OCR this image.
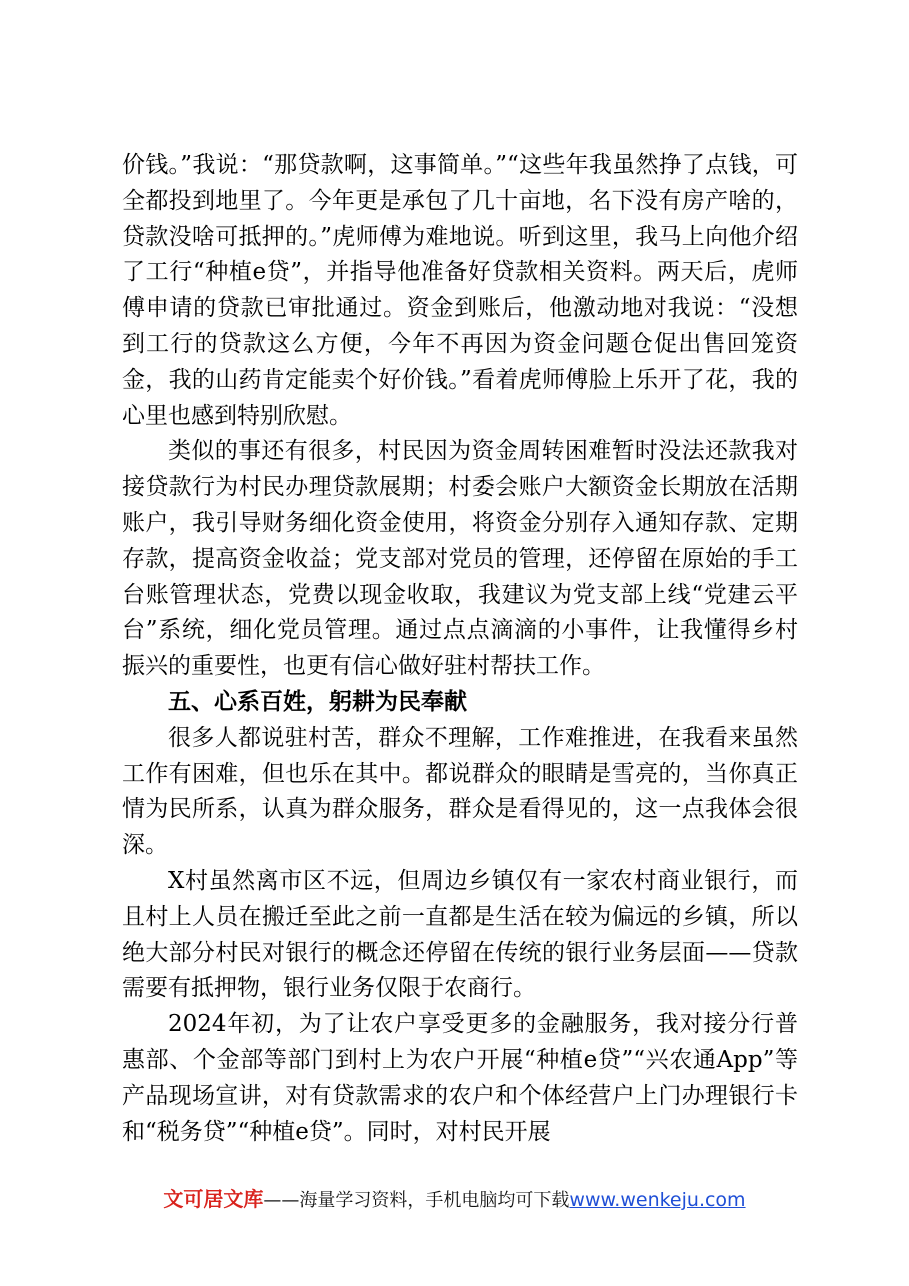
价钱。”我说：“那贷款啊，这事简单。”“这些年我虽然挣了点钱，可全都投到地里了。今年更是承包了几十亩地，名下没有房产啥的，贷款没啥可抵押的。”虎师傅为难地说。听到这里，我马上向他介绍了工行“种植e贷”，并指导他准备好贷款相关资料。两天后，虎师傅申请的贷款已审批通过。资金到账后，他激动地对我说：“没想到工行的贷款这么方便，今年不再因为资金问题仓促出售回笼资金，我的山药肯定能卖个好价钱。”看着虎师傅脸上乐开了花，我的心里也感到特别欣慰。

类似的事还有很多，村民因为资金周转困难暂时没法还款我对接贷款行为村民办理贷款展期；村委会账户大额资金长期放在活期账户，我引导财务细化资金使用，将资金分别存入通知存款、定期存款，提高资金收益；党支部对党员的管理，还停留在原始的手工台账管理状态，党费以现金收取，我建议为党支部上线“党建云平台”系统，细化党员管理。通过点点滴滴的小事件，让我懂得乡村振兴的重要性，也更有信心做好驻村帮扶工作。

五、心系百姓，躬耕为民奉献

很多人都说驻村苦，群众不理解，工作难推进，在我看来虽然工作有困难，但也乐在其中。都说群众的眼睛是雪亮的，当你真正情为民所系，认真为群众服务，群众是看得见的，这一点我体会很深。

X村虽然离市区不远，但周边乡镇仅有一家农村商业银行，而且村上人员在搬迁至此之前一直都是生活在较为偏远的乡镇，所以绝大部分村民对银行的概念还停留在传统的银行业务层面——贷款需要有抵押物，银行业务仅限于农商行。

2024年初，为了让农户享受更多的金融服务，我对接分行普惠部、个金部等部门到村上为农户开展“种植e贷”“兴农通App”等产品现场宣讲，对有贷款需求的农户和个体经营户上门办理银行卡和“税务贷”“种植e贷”。同时，对村民开展

文可居文库——海量学习资料，手机电脑均可下载www.wenkeju.com
